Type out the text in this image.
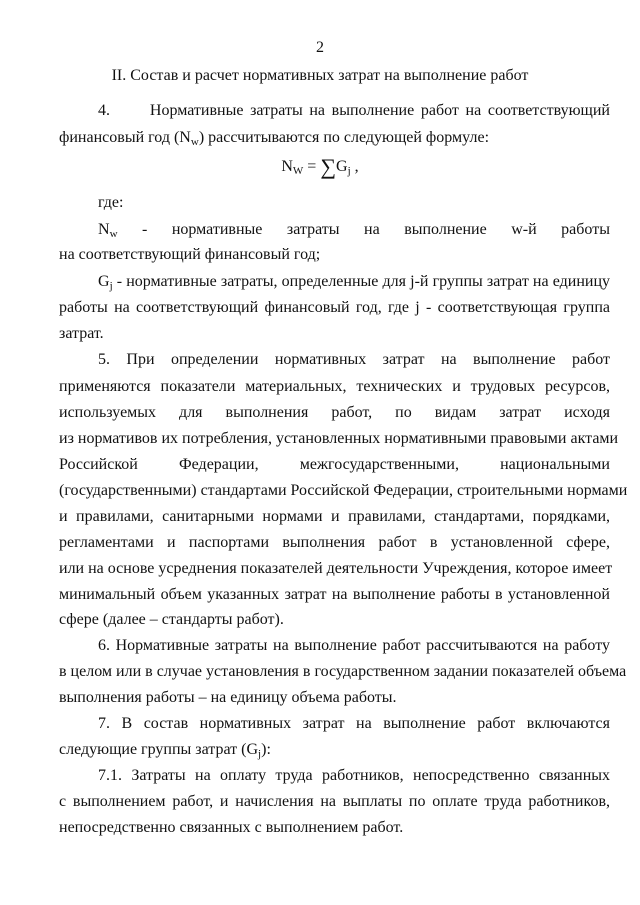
2
II. Состав и расчет нормативных затрат на выполнение работ
4. Нормативные затраты на выполнение работ на соответствующий
финансовый год $(N_w)$ рассчитываются по следующей формуле:
$N_W = \sum G_j$ ,
где:
$N_w$ - нормативные затраты на выполнение w-й работы
на соответствующий финансовый год;
$G_j$ - нормативные затраты, определенные для j-й группы затрат на единицу
работы на соответствующий финансовый год, где j - соответствующая группа
затрат.
5. При определении нормативных затрат на выполнение работ
применяются показатели материальных, технических и трудовых ресурсов,
используемых для выполнения работ, по видам затрат исходя
из нормативов их потребления, установленных нормативными правовыми актами
Российской Федерации, межгосударственными, национальными
(государственными) стандартами Российской Федерации, строительными нормами
и правилами, санитарными нормами и правилами, стандартами, порядками,
регламентами и паспортами выполнения работ в установленной сфере,
или на основе усреднения показателей деятельности Учреждения, которое имеет
минимальный объем указанных затрат на выполнение работы в установленной
сфере (далее – стандарты работ).
6. Нормативные затраты на выполнение работ рассчитываются на работу
в целом или в случае установления в государственном задании показателей объема
выполнения работы – на единицу объема работы.
7. В состав нормативных затрат на выполнение работ включаются
следующие группы затрат $(G_j)$:
7.1. Затраты на оплату труда работников, непосредственно связанных
с выполнением работ, и начисления на выплаты по оплате труда работников,
непосредственно связанных с выполнением работ.
